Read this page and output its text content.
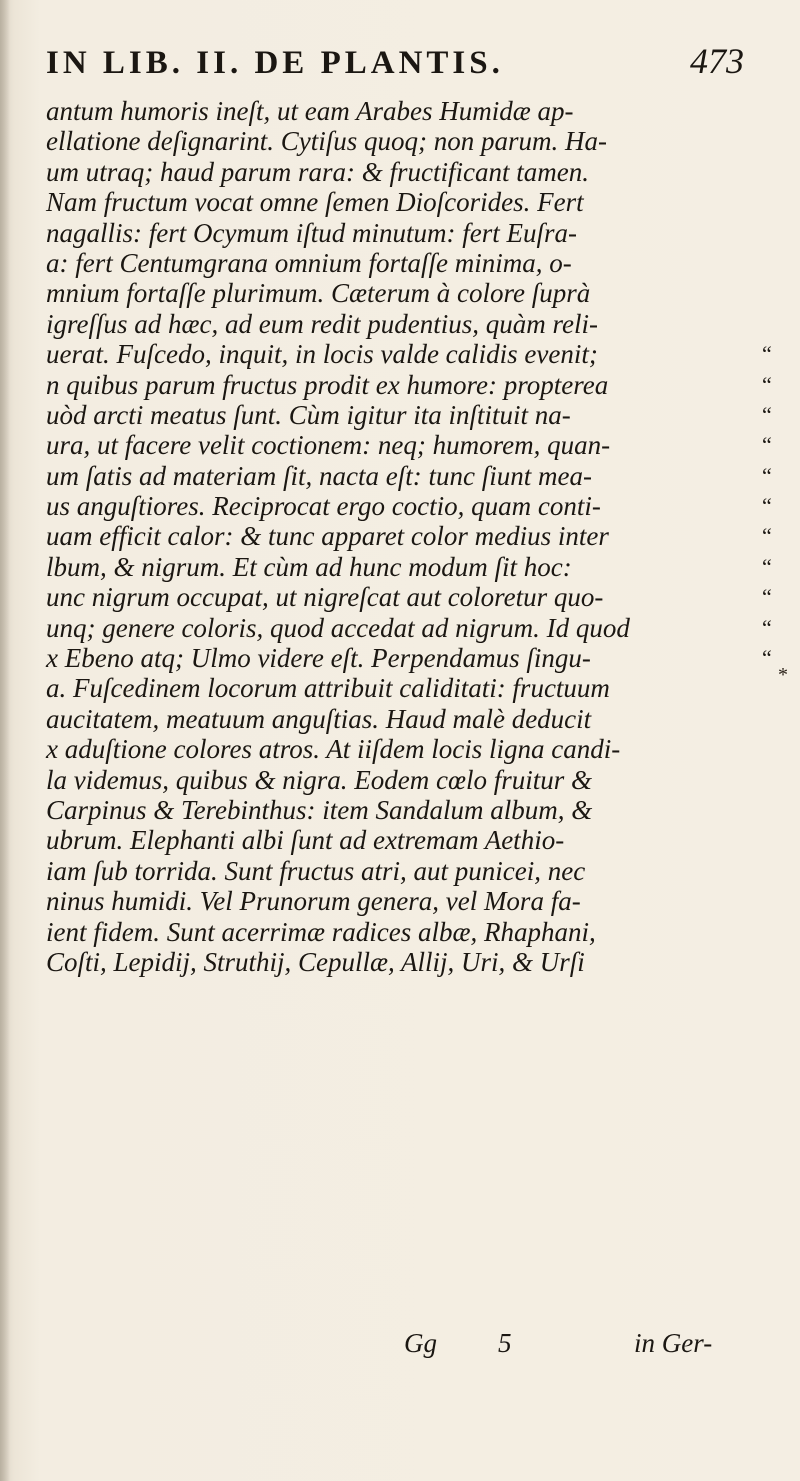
IN LIB. II. DE PLANTIS.	473
antum humoris ineſt, ut eam Arabes Humidæ ap-
ellatione deſignarint. Cytiſus quoq; non parum. Ha-
um utraq; haud parum rara: & fructificant tamen.
Nam fructum vocat omne ſemen Dioſcorides. Fert
nagallis: fert Ocymum iſtud minutum: fert Euſra-
a: fert Centumgrana omnium fortaſſe minima, o-
mnium fortaſſe plurimum. Cæterum à colore ſuprà
igreſſus ad hæc, ad eum redit pudentius, quàm reli-
uerat. Fuſcedo, inquit, in locis valde calidis evenit;	“
n quibus parum fructus prodit ex humore: propterea	“
uòd arcti meatus ſunt. Cùm igitur ita inſtituit na-	“
ura, ut facere velit coctionem: neq; humorem, quan-	“
um ſatis ad materiam ſit, nacta eſt: tunc ſiunt mea-	“
us anguſtiores. Reciprocat ergo coctio, quam conti-	“
uam efficit calor: & tunc apparet color medius inter	“
lbum, & nigrum. Et cùm ad hunc modum ſit hoc:	“
unc nigrum occupat, ut nigreſcat aut coloretur quo-	“
unq; genere coloris, quod accedat ad nigrum. Id quod	“
x Ebeno atq; Ulmo videre eſt. Perpendamus ſingu-	“
a. Fuſcedinem locorum attribuit caliditati: fructuum
aucitatem, meatuum anguſtias. Haud malè deducit
x aduſtione colores atros. At iiſdem locis ligna candi-
la videmus, quibus & nigra. Eodem cœlo fruitur &
Carpinus & Terebinthus: item Sandalum album, &
ubrum. Elephanti albi ſunt ad extremam Aethio-
iam ſub torrida. Sunt fructus atri, aut punicei, nec
ninus humidi. Vel Prunorum genera, vel Mora fa-
ient fidem. Sunt acerrimæ radices albæ, Rhaphani,
Coſti, Lepidij, Struthij, Cepullæ, Allij, Uri, & Urſi
*
Gg 5	in Ger-
